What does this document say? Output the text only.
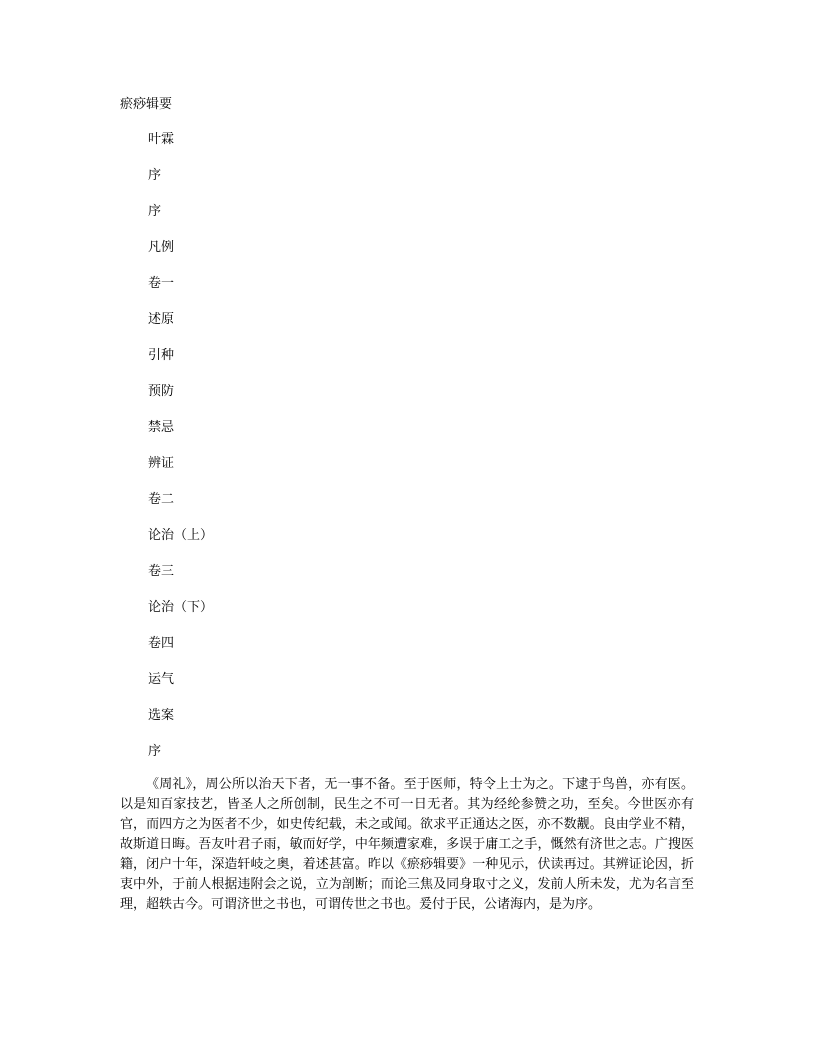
瘀痧辑要
叶霖
序
序
凡例
卷一
述原
引种
预防
禁忌
辨证
卷二
论治（上）
卷三
论治（下）
卷四
运气
选案
序

《周礼》，周公所以治天下者，无一事不备。至于医师，特令上士为之。下逮于鸟兽，亦有医。以是知百家技艺，皆圣人之所创制，民生之不可一日无者。其为经纶参赞之功，至矣。今世医亦有官，而四方之为医者不少，如史传纪载，未之或闻。欲求平正通达之医，亦不数觏。良由学业不精，故斯道日晦。吾友叶君子雨，敏而好学，中年频遭家难，多误于庸工之手，慨然有济世之志。广搜医籍，闭户十年，深造轩岐之奥，着述甚富。昨以《瘀痧辑要》一种见示，伏读再过。其辨证论因，折衷中外，于前人根据违附会之说，立为剖断；而论三焦及同身取寸之义，发前人所未发，尤为名言至理，超轶古今。可谓济世之书也，可谓传世之书也。爰付于民，公诸海内，是为序。
